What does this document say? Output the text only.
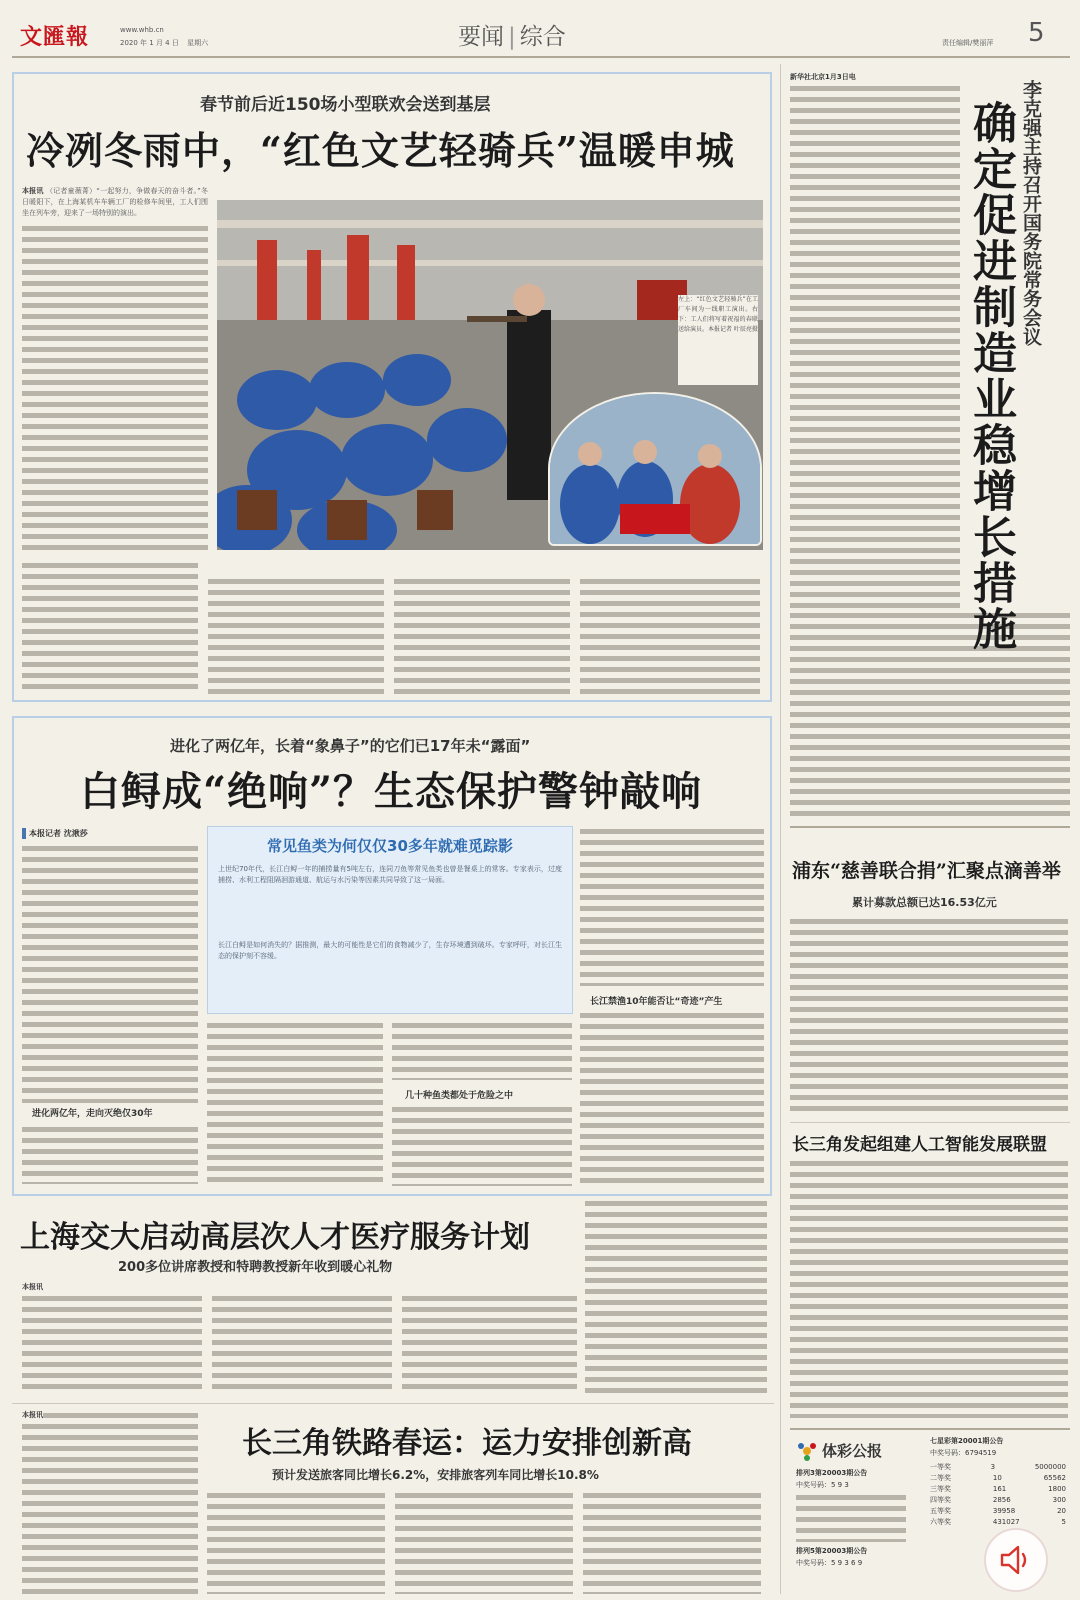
文匯報	www.whb.cn
2020 年 1 月 4 日 星期六	要闻 | 综合	责任编辑/樊丽萍 5
春节前后近150场小型联欢会送到基层
冷冽冬雨中，“红色文艺轻骑兵”温暖申城
本报讯 （记者童薇菁）“一起努力，争做春天的奋斗者。”冬日暖阳下，在上海某机车车辆工厂的检修车间里，工人们围坐在列车旁，迎来了一场特别的演出。
左上：“红色文艺轻骑兵”在工厂车间为一线职工演出。右下：工人们将写着祝福的春联送给演员。本报记者 叶辰亮摄
进化了两亿年，长着“象鼻子”的它们已17年未“露面”
白鲟成“绝响”？生态保护警钟敲响
本报记者 沈湫莎
进化两亿年，走向灭绝仅30年
常见鱼类为何仅仅30多年就难觅踪影
上世纪70年代，长江白鲟一年的捕捞量有5吨左右，连同刀鱼等常见鱼类也曾是餐桌上的常客。专家表示，过度捕捞、水利工程阻隔洄游通道、航运与水污染等因素共同导致了这一局面。
长江白鲟是如何消失的？据推测，最大的可能性是它们的食物减少了，生存环境遭到破坏。专家呼吁，对长江生态的保护刻不容缓。
长江禁渔10年能否让“奇迹”产生
几十种鱼类都处于危险之中
上海交大启动高层次人才医疗服务计划
200多位讲席教授和特聘教授新年收到暖心礼物
本报讯
本报讯
长三角铁路春运：运力安排创新高
预计发送旅客同比增长6.2%，安排旅客列车同比增长10.8%
新华社北京1月3日电
李克强主持召开国务院常务会议
确定促进制造业稳增长措施
浦东“慈善联合捐”汇聚点滴善举
累计募款总额已达16.53亿元
长三角发起组建人工智能发展联盟
体彩公报
排列3第20003期公告
中奖号码：5 9 3
排列5第20003期公告
中奖号码：5 9 3 6 9
七星彩第20001期公告
中奖号码：6794519
一等奖	3	5000000
二等奖	10	65562
三等奖	161	1800
四等奖	2856	300
五等奖	39958	20
六等奖	431027	5
